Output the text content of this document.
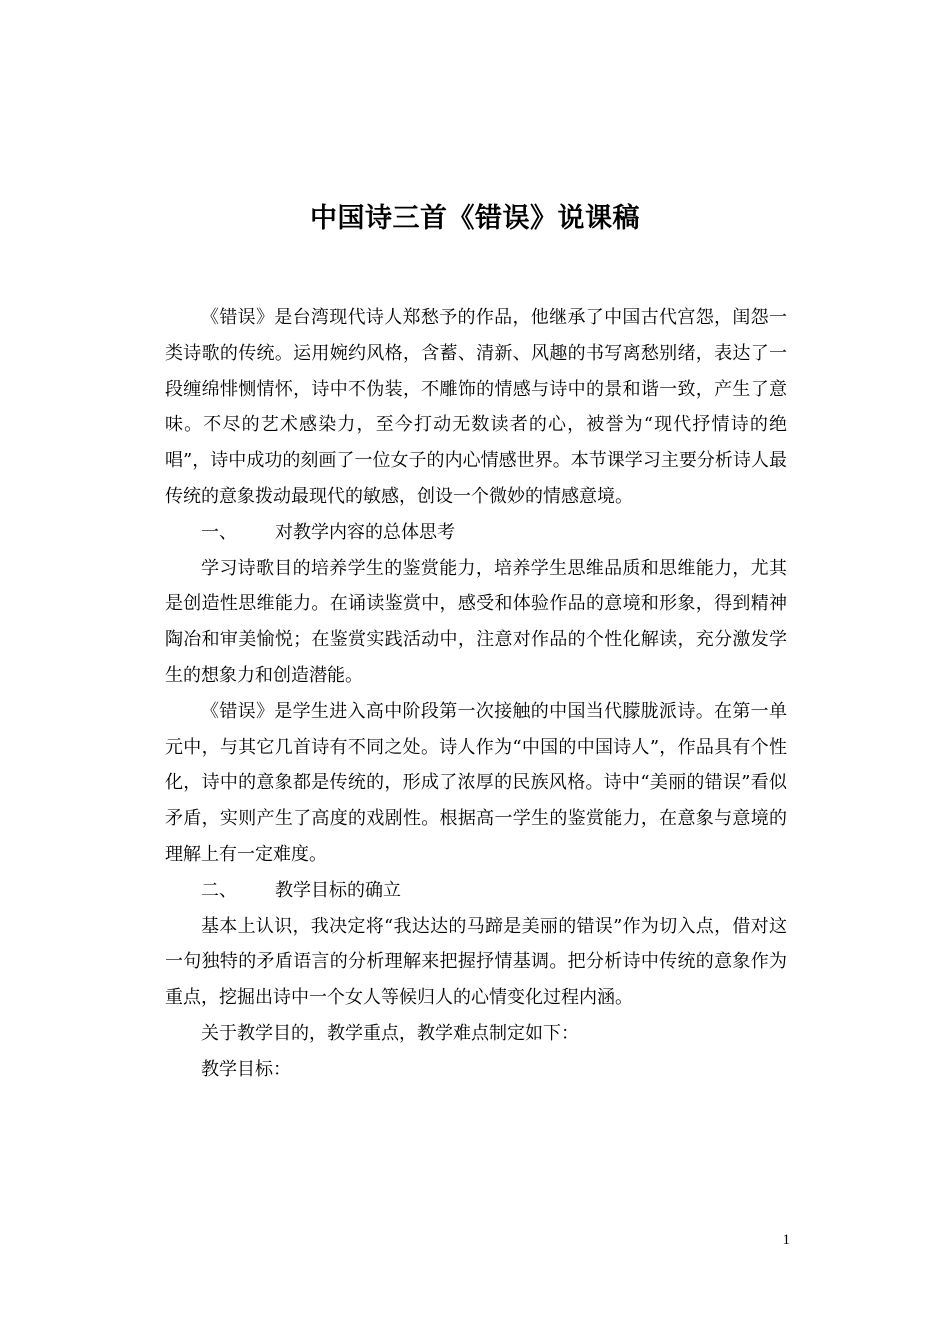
中国诗三首《错误》说课稿

《错误》是台湾现代诗人郑愁予的作品，他继承了中国古代宫怨，闺怨一类诗歌的传统。运用婉约风格，含蓄、清新、风趣的书写离愁别绪，表达了一段缠绵悱恻情怀，诗中不伪装，不雕饰的情感与诗中的景和谐一致，产生了意味。不尽的艺术感染力，至今打动无数读者的心，被誉为“现代抒情诗的绝唱”，诗中成功的刻画了一位女子的内心情感世界。本节课学习主要分析诗人最传统的意象拨动最现代的敏感，创设一个微妙的情感意境。

一、 对教学内容的总体思考

学习诗歌目的培养学生的鉴赏能力，培养学生思维品质和思维能力，尤其是创造性思维能力。在诵读鉴赏中，感受和体验作品的意境和形象，得到精神陶冶和审美愉悦；在鉴赏实践活动中，注意对作品的个性化解读，充分激发学生的想象力和创造潜能。

《错误》是学生进入高中阶段第一次接触的中国当代朦胧派诗。在第一单元中，与其它几首诗有不同之处。诗人作为“中国的中国诗人”，作品具有个性化，诗中的意象都是传统的，形成了浓厚的民族风格。诗中“美丽的错误”看似矛盾，实则产生了高度的戏剧性。根据高一学生的鉴赏能力，在意象与意境的理解上有一定难度。

二、 教学目标的确立

基本上认识，我决定将“我达达的马蹄是美丽的错误”作为切入点，借对这一句独特的矛盾语言的分析理解来把握抒情基调。把分析诗中传统的意象作为重点，挖掘出诗中一个女人等候归人的心情变化过程内涵。

关于教学目的，教学重点，教学难点制定如下：

教学目标：

1
